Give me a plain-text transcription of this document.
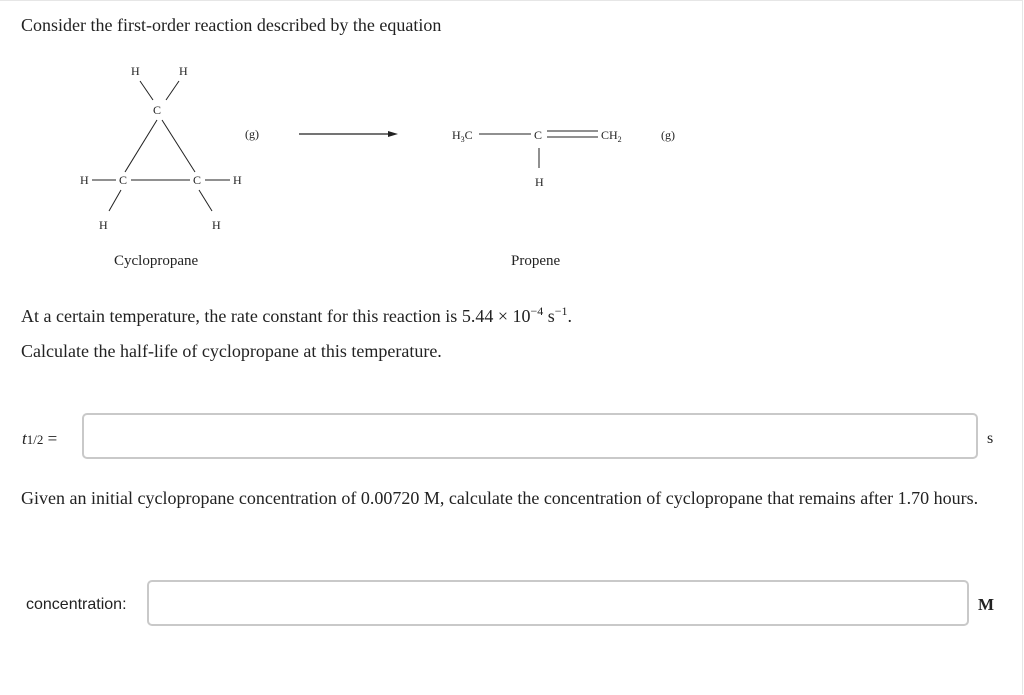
Consider the first-order reaction described by the equation
H	H
C
H	C	C	H
H	H
(g)
Cyclopropane
$H_3C$	C	$CH_2$
H
(g)
Propene
At a certain temperature, the rate constant for this reaction is $5.44 \times 10^{-4}$ $s^{-1}$.
Calculate the half-life of cyclopropane at this temperature.
t1/2 =	s
Given an initial cyclopropane concentration of 0.00720 M, calculate the concentration of cyclopropane that remains after 1.70 hours.
concentration:	M
